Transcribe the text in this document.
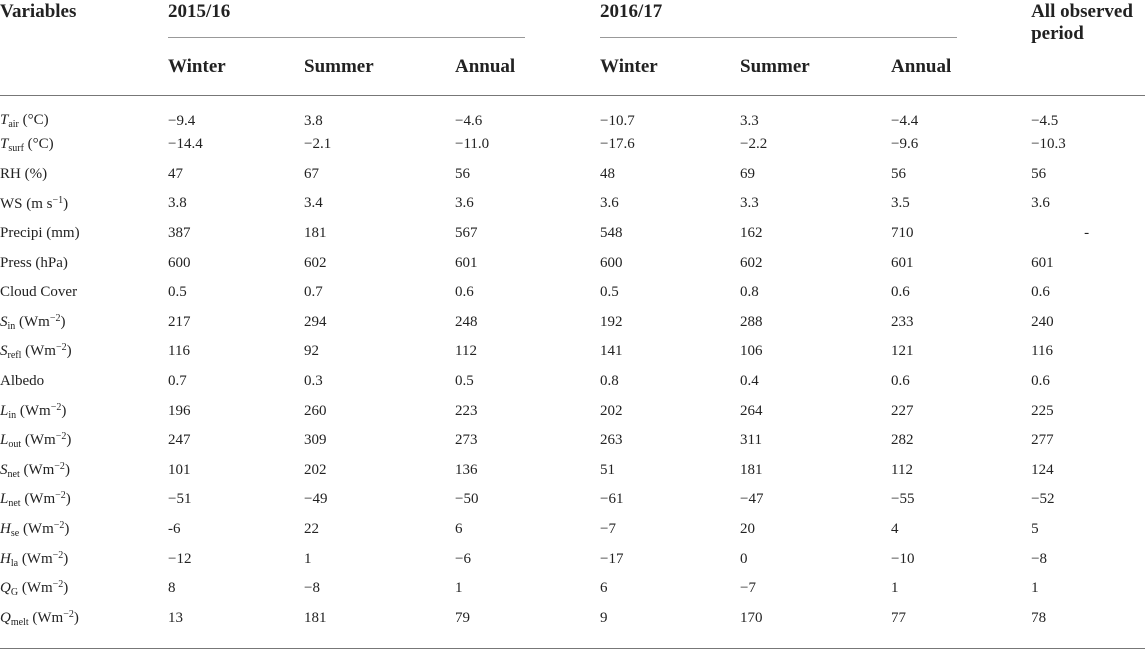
Variables	2015/16			2016/17			All observed period
	Winter	Summer	Annual	Winter	Summer	Annual	
$T_{air}$ (°C)	−9.4	3.8	−4.6	−10.7	3.3	−4.4	−4.5
$T_{surf}$ (°C)	−14.4	−2.1	−11.0	−17.6	−2.2	−9.6	−10.3
RH (%)	47	67	56	48	69	56	56
WS (m $s^{-1}$)	3.8	3.4	3.6	3.6	3.3	3.5	3.6
Precipi (mm)	387	181	567	548	162	710	-
Press (hPa)	600	602	601	600	602	601	601
Cloud Cover	0.5	0.7	0.6	0.5	0.8	0.6	0.6
$S_{in}$ $(Wm^{-2})$	217	294	248	192	288	233	240
$S_{refl}$ $(Wm^{-2})$	116	92	112	141	106	121	116
Albedo	0.7	0.3	0.5	0.8	0.4	0.6	0.6
$L_{in}$ $(Wm^{-2})$	196	260	223	202	264	227	225
$L_{out}$ $(Wm^{-2})$	247	309	273	263	311	282	277
$S_{net}$ $(Wm^{-2})$	101	202	136	51	181	112	124
$L_{net}$ $(Wm^{-2})$	−51	−49	−50	−61	−47	−55	−52
$H_{se}$ $(Wm^{-2})$	-6	22	6	−7	20	4	5
$H_{la}$ $(Wm^{-2})$	−12	1	−6	−17	0	−10	−8
$Q_G$ $(Wm^{-2})$	8	−8	1	6	−7	1	1
$Q_{melt}$ $(Wm^{-2})$	13	181	79	9	170	77	78
